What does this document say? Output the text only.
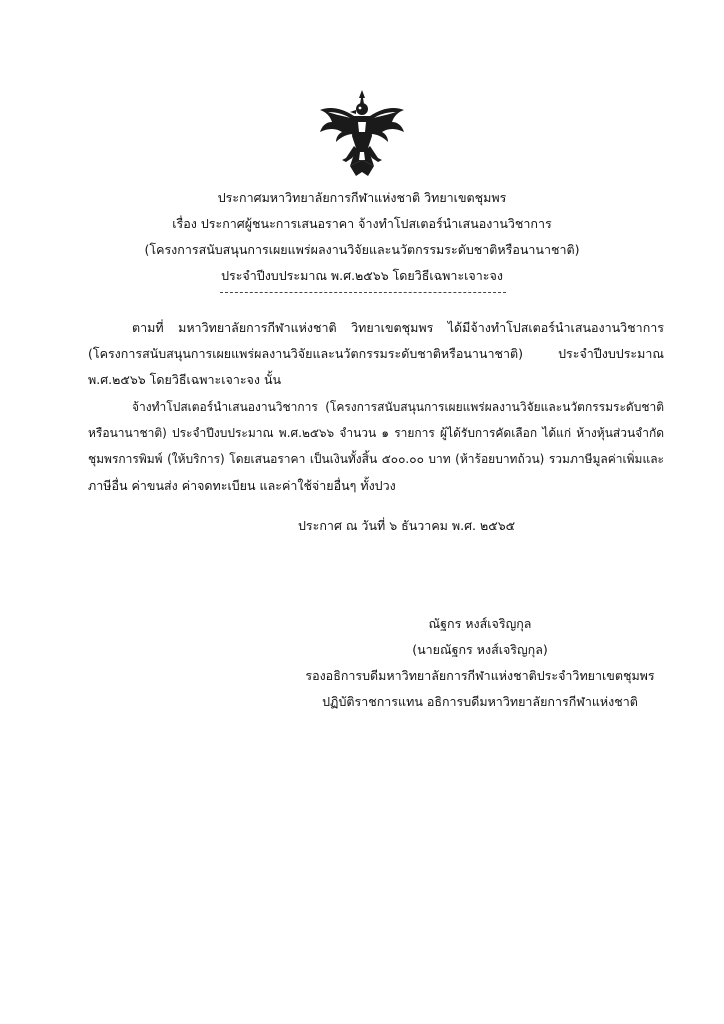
ประกาศมหาวิทยาลัยการกีฬาแห่งชาติ วิทยาเขตชุมพร
เรื่อง ประกาศผู้ชนะการเสนอราคา จ้างทำโปสเตอร์นำเสนองานวิชาการ
(โครงการสนับสนุนการเผยแพร่ผลงานวิจัยและนวัตกรรมระดับชาติหรือนานาชาติ)
ประจำปีงบประมาณ พ.ศ.๒๕๖๖ โดยวิธีเฉพาะเจาะจง
ตามที่ มหาวิทยาลัยการกีฬาแห่งชาติ วิทยาเขตชุมพร ได้มีจ้างทำโปสเตอร์นำเสนองานวิชาการ
(โครงการสนับสนุนการเผยแพร่ผลงานวิจัยและนวัตกรรมระดับชาติหรือนานาชาติ) ประจำปีงบประมาณ
พ.ศ.๒๕๖๖ โดยวิธีเฉพาะเจาะจง นั้น
จ้างทำโปสเตอร์นำเสนองานวิชาการ (โครงการสนับสนุนการเผยแพร่ผลงานวิจัยและนวัตกรรมระดับชาติ
หรือนานาชาติ) ประจำปีงบประมาณ พ.ศ.๒๕๖๖ จำนวน ๑ รายการ ผู้ได้รับการคัดเลือก ได้แก่ ห้างหุ้นส่วนจำกัด
ชุมพรการพิมพ์ (ให้บริการ) โดยเสนอราคา เป็นเงินทั้งสิ้น ๕๐๐.๐๐ บาท (ห้าร้อยบาทถ้วน) รวมภาษีมูลค่าเพิ่มและ
ภาษีอื่น ค่าขนส่ง ค่าจดทะเบียน และค่าใช้จ่ายอื่นๆ ทั้งปวง
ประกาศ ณ วันที่ ๖ ธันวาคม พ.ศ. ๒๕๖๕
ณัฐกร หงส์เจริญกุล
(นายณัฐกร หงส์เจริญกุล)
รองอธิการบดีมหาวิทยาลัยการกีฬาแห่งชาติประจำวิทยาเขตชุมพร
ปฏิบัติราชการแทน อธิการบดีมหาวิทยาลัยการกีฬาแห่งชาติ
